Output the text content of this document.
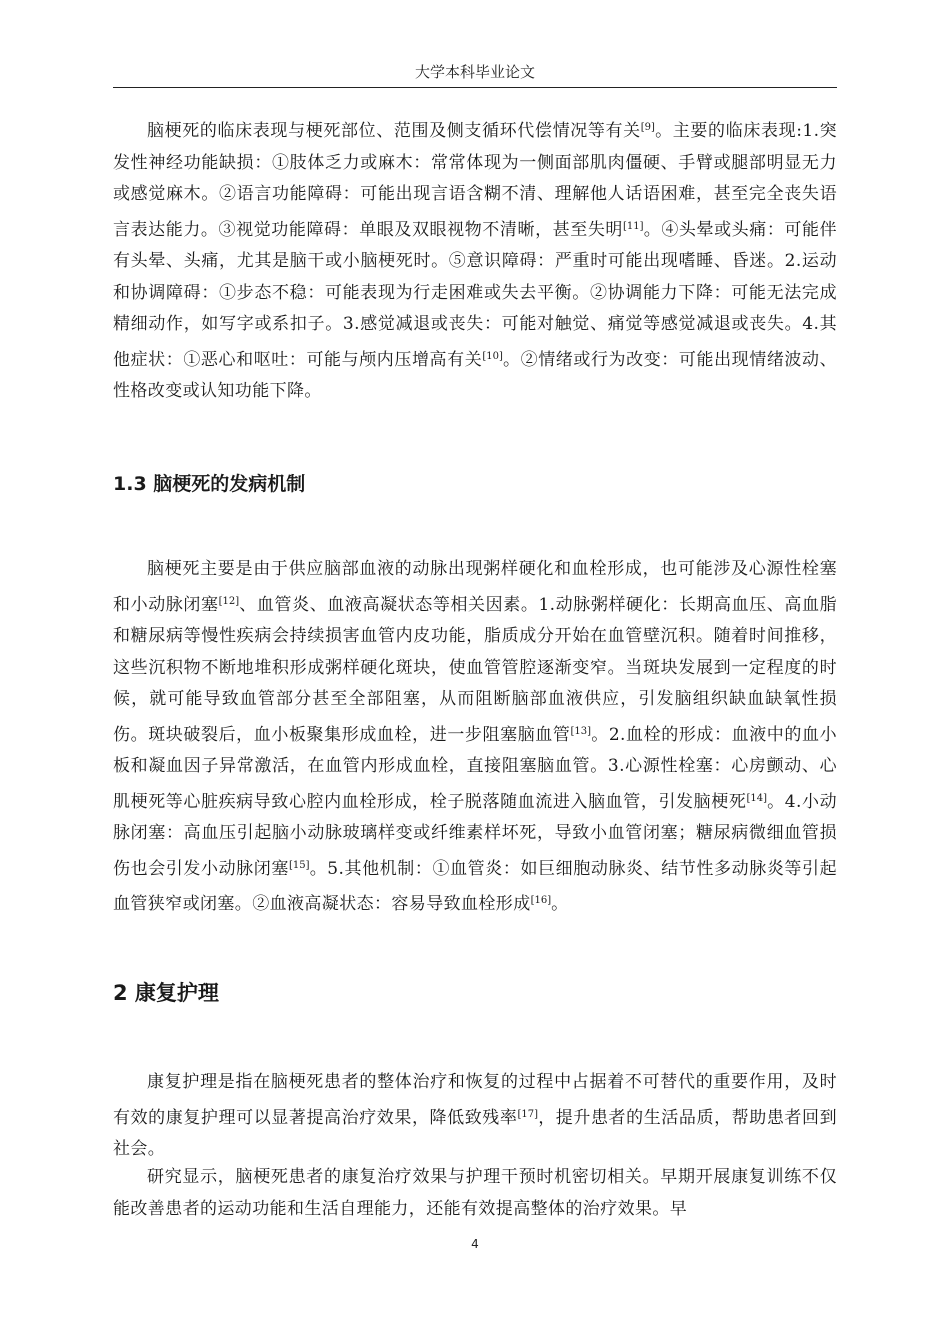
大学本科毕业论文

脑梗死的临床表现与梗死部位、范围及侧支循环代偿情况等有关[9]。主要的临床表现:1.突发性神经功能缺损：①肢体乏力或麻木：常常体现为一侧面部肌肉僵硬、手臂或腿部明显无力或感觉麻木。②语言功能障碍：可能出现言语含糊不清、理解他人话语困难，甚至完全丧失语言表达能力。③视觉功能障碍：单眼及双眼视物不清晰，甚至失明[11]。④头晕或头痛：可能伴有头晕、头痛，尤其是脑干或小脑梗死时。⑤意识障碍：严重时可能出现嗜睡、昏迷。2.运动和协调障碍：①步态不稳：可能表现为行走困难或失去平衡。②协调能力下降：可能无法完成精细动作，如写字或系扣子。3.感觉减退或丧失：可能对触觉、痛觉等感觉减退或丧失。4.其他症状：①恶心和呕吐：可能与颅内压增高有关[10]。②情绪或行为改变：可能出现情绪波动、性格改变或认知功能下降。

1.3 脑梗死的发病机制

脑梗死主要是由于供应脑部血液的动脉出现粥样硬化和血栓形成，也可能涉及心源性栓塞和小动脉闭塞[12]、血管炎、血液高凝状态等相关因素。1.动脉粥样硬化：长期高血压、高血脂和糖尿病等慢性疾病会持续损害血管内皮功能，脂质成分开始在血管壁沉积。随着时间推移，这些沉积物不断地堆积形成粥样硬化斑块，使血管管腔逐渐变窄。当斑块发展到一定程度的时候，就可能导致血管部分甚至全部阻塞，从而阻断脑部血液供应，引发脑组织缺血缺氧性损伤。斑块破裂后，血小板聚集形成血栓，进一步阻塞脑血管[13]。2.血栓的形成：血液中的血小板和凝血因子异常激活，在血管内形成血栓，直接阻塞脑血管。3.心源性栓塞：心房颤动、心肌梗死等心脏疾病导致心腔内血栓形成，栓子脱落随血流进入脑血管，引发脑梗死[14]。4.小动脉闭塞：高血压引起脑小动脉玻璃样变或纤维素样坏死，导致小血管闭塞；糖尿病微细血管损伤也会引发小动脉闭塞[15]。5.其他机制：①血管炎：如巨细胞动脉炎、结节性多动脉炎等引起血管狭窄或闭塞。②血液高凝状态：容易导致血栓形成[16]。

2 康复护理

康复护理是指在脑梗死患者的整体治疗和恢复的过程中占据着不可替代的重要作用，及时有效的康复护理可以显著提高治疗效果，降低致残率[17]，提升患者的生活品质，帮助患者回到社会。

研究显示，脑梗死患者的康复治疗效果与护理干预时机密切相关。早期开展康复训练不仅能改善患者的运动功能和生活自理能力，还能有效提高整体的治疗效果。早

4
